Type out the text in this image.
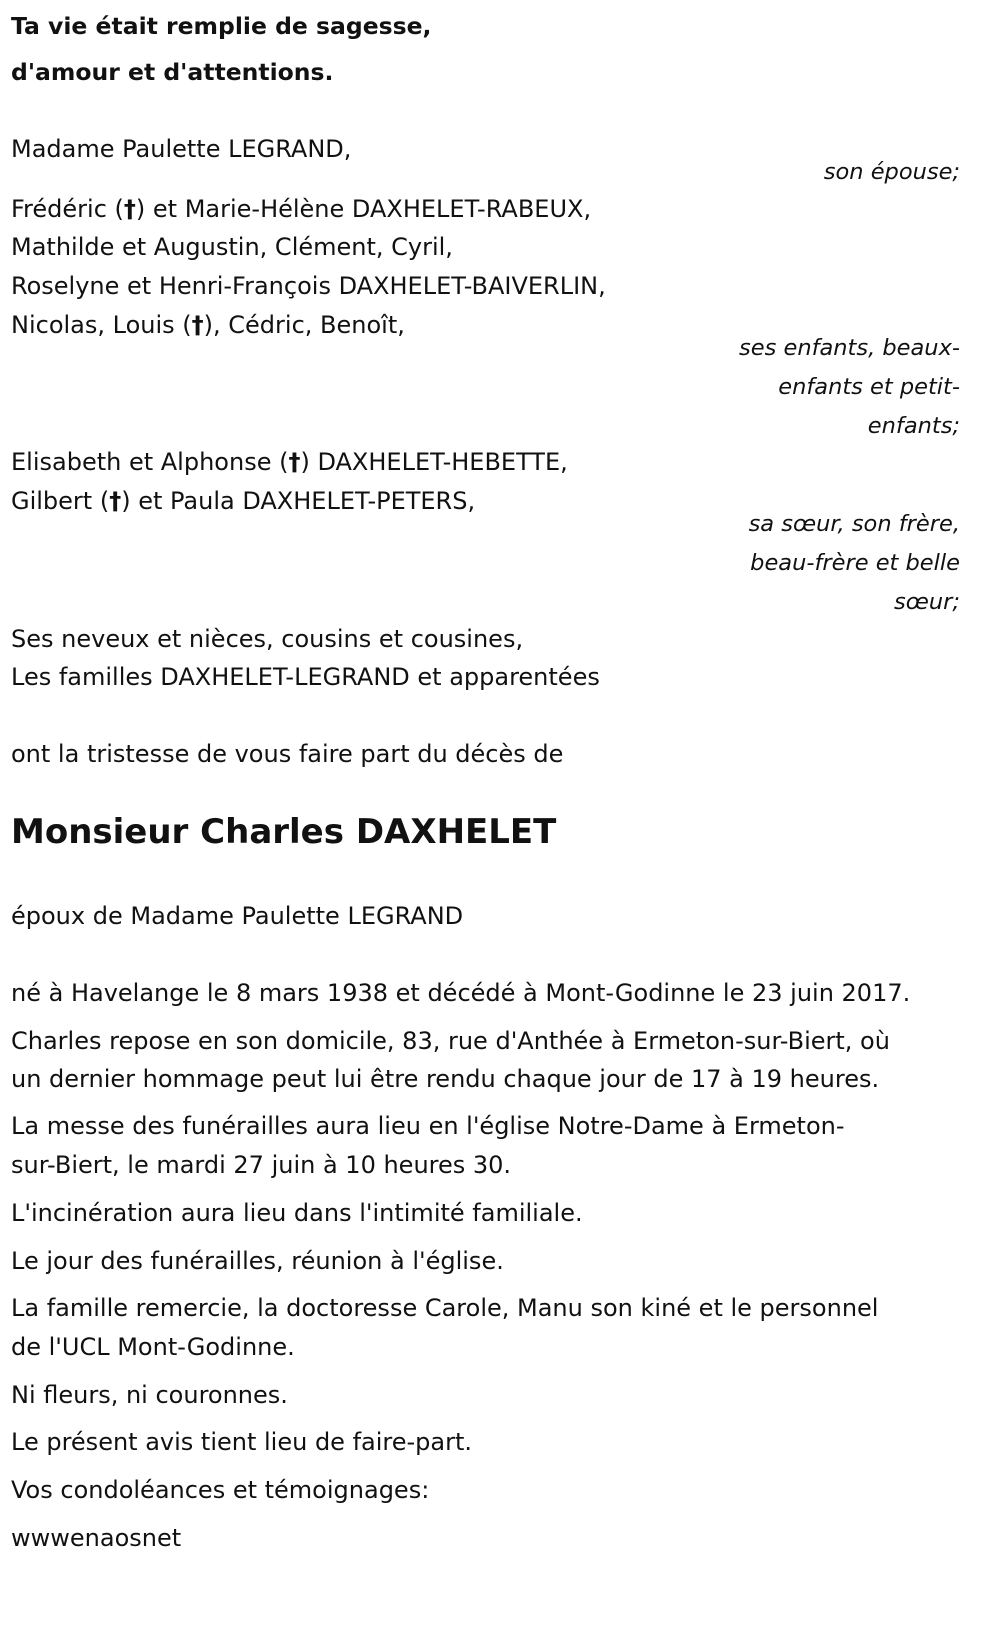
Ta vie était remplie de sagesse,

d'amour et d'attentions.

Madame Paulette LEGRAND,

son épouse;

Frédéric (†) et Marie-Hélène DAXHELET-RABEUX,

Mathilde et Augustin, Clément, Cyril,

Roselyne et Henri-François DAXHELET-BAIVERLIN,

Nicolas, Louis (†), Cédric, Benoît,

ses enfants, beaux-

enfants et petit-

enfants;

Elisabeth et Alphonse (†) DAXHELET-HEBETTE,

Gilbert (†) et Paula DAXHELET-PETERS,

sa sœur, son frère,

beau-frère et belle

sœur;

Ses neveux et nièces, cousins et cousines,

Les familles DAXHELET-LEGRAND et apparentées

ont la tristesse de vous faire part du décès de

Monsieur Charles DAXHELET

époux de Madame Paulette LEGRAND

né à Havelange le 8 mars 1938 et décédé à Mont-Godinne le 23 juin 2017.

Charles repose en son domicile, 83, rue d'Anthée à Ermeton-sur-Biert, où

un dernier hommage peut lui être rendu chaque jour de 17 à 19 heures.

La messe des funérailles aura lieu en l'église Notre-Dame à Ermeton-

sur-Biert, le mardi 27 juin à 10 heures 30.

L'incinération aura lieu dans l'intimité familiale.

Le jour des funérailles, réunion à l'église.

La famille remercie, la doctoresse Carole, Manu son kiné et le personnel

de l'UCL Mont-Godinne.

Ni fleurs, ni couronnes.

Le présent avis tient lieu de faire-part.

Vos condoléances et témoignages:

wwwenaosnet
